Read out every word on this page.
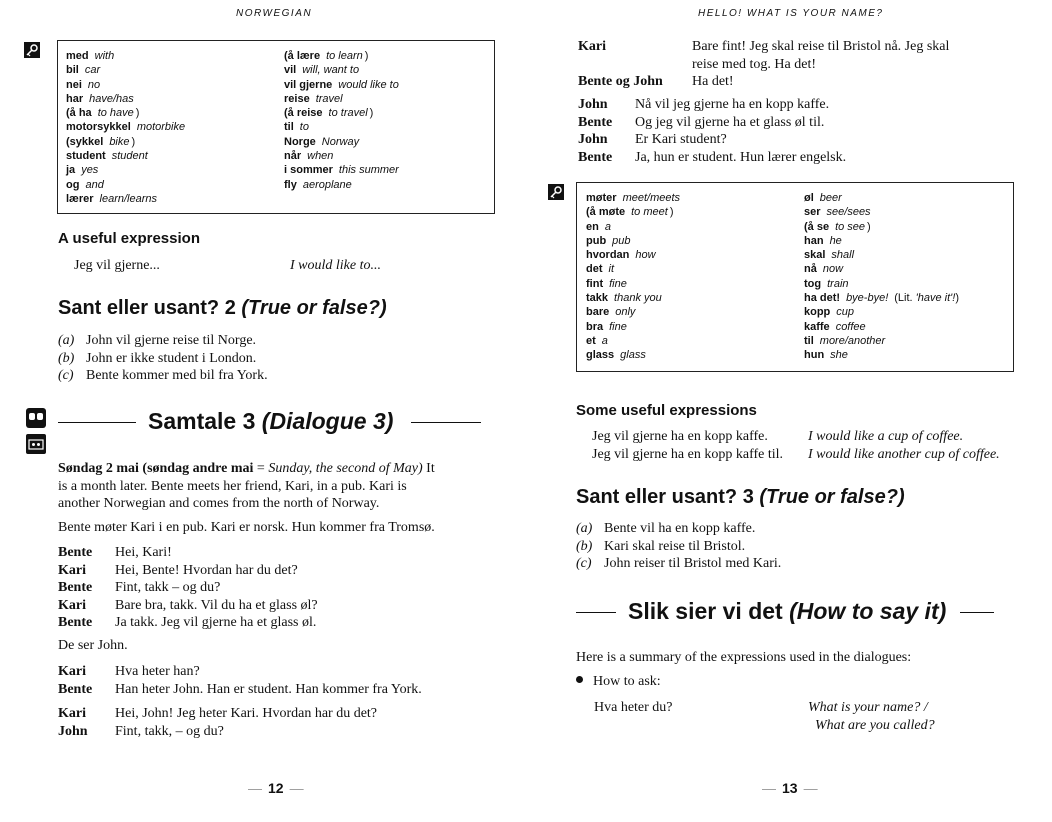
NORWEGIAN
med with
bil car
nei no
har have/has
(å ha to have )
motorsykkel motorbike
(sykkel bike )
student student
ja yes
og and
lærer learn/learns
(å lære to learn )
vil will, want to
vil gjerne would like to
reise travel
(å reise to travel )
til to
Norge Norway
når when
i sommer this summer
fly aeroplane
A useful expression
Jeg vil gjerne...	I would like to...
Sant eller usant? 2 (True or false?)
(a) John vil gjerne reise til Norge.
(b) John er ikke student i London.
(c) Bente kommer med bil fra York.
Samtale 3 (Dialogue 3)
Søndag 2 mai (søndag andre mai = Sunday, the second of May) It
is a month later. Bente meets her friend, Kari, in a pub. Kari is
another Norwegian and comes from the north of Norway.
Bente møter Kari i en pub. Kari er norsk. Hun kommer fra Tromsø.
Bente Hei, Kari!
Kari Hei, Bente! Hvordan har du det?
Bente Fint, takk – og du?
Kari Bare bra, takk. Vil du ha et glass øl?
Bente Ja takk. Jeg vil gjerne ha et glass øl.
De ser John.
Kari Hva heter han?
Bente Han heter John. Han er student. Han kommer fra York.
Kari Hei, John! Jeg heter Kari. Hvordan har du det?
John Fint, takk, – og du?
— 12 —
HELLO! WHAT IS YOUR NAME?
Kari	Bare fint! Jeg skal reise til Bristol nå. Jeg skal
reise med tog. Ha det!
Bente og John Ha det!
John Nå vil jeg gjerne ha en kopp kaffe.
Bente Og jeg vil gjerne ha et glass øl til.
John Er Kari student?
Bente Ja, hun er student. Hun lærer engelsk.
møter meet/meets
(å møte to meet )
en a
pub pub
hvordan how
det it
fint fine
takk thank you
bare only
bra fine
et a
glass glass
øl beer
ser see/sees
(å se to see )
han he
skal shall
nå now
tog train
ha det! bye-bye! (Lit. 'have it'!)
kopp cup
kaffe coffee
til more/another
hun she
Some useful expressions
Jeg vil gjerne ha en kopp kaffe.	I would like a cup of coffee.
Jeg vil gjerne ha en kopp kaffe til. I would like another cup of coffee.
Sant eller usant? 3 (True or false?)
(a) Bente vil ha en kopp kaffe.
(b) Kari skal reise til Bristol.
(c) John reiser til Bristol med Kari.
Slik sier vi det (How to say it)
Here is a summary of the expressions used in the dialogues:
How to ask:
Hva heter du?	What is your name? /
What are you called?
— 13 —
